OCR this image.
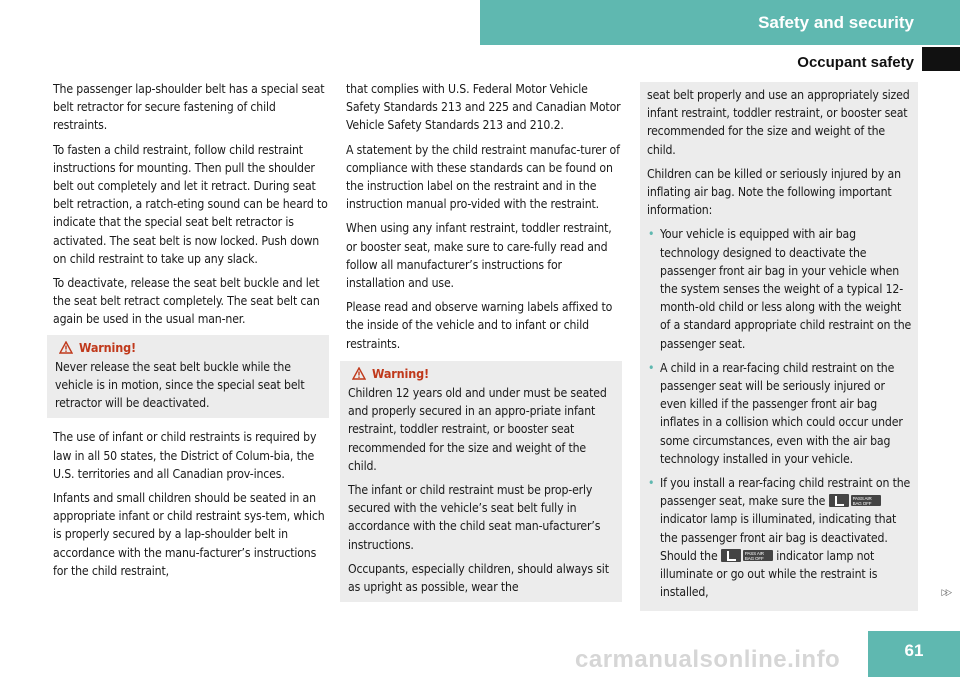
Safety and security
Occupant safety

The passenger lap-shoulder belt has a special seat belt retractor for secure fastening of child restraints.

To fasten a child restraint, follow child restraint instructions for mounting. Then pull the shoulder belt out completely and let it retract. During seat belt retraction, a ratch-eting sound can be heard to indicate that the special seat belt retractor is activated. The seat belt is now locked. Push down on child restraint to take up any slack.

To deactivate, release the seat belt buckle and let the seat belt retract completely. The seat belt can again be used in the usual man-ner.

Warning!
Never release the seat belt buckle while the vehicle is in motion, since the special seat belt retractor will be deactivated.

The use of infant or child restraints is required by law in all 50 states, the District of Colum-bia, the U.S. territories and all Canadian prov-inces.

Infants and small children should be seated in an appropriate infant or child restraint sys-tem, which is properly secured by a lap-shoulder belt in accordance with the manu-facturer’s instructions for the child restraint,

that complies with U.S. Federal Motor Vehicle Safety Standards 213 and 225 and Canadian Motor Vehicle Safety Standards 213 and 210.2.

A statement by the child restraint manufac-turer of compliance with these standards can be found on the instruction label on the restraint and in the instruction manual pro-vided with the restraint.

When using any infant restraint, toddler restraint, or booster seat, make sure to care-fully read and follow all manufacturer’s instructions for installation and use.

Please read and observe warning labels affixed to the inside of the vehicle and to infant or child restraints.

Warning!

Children 12 years old and under must be seated and properly secured in an appro-priate infant restraint, toddler restraint, or booster seat recommended for the size and weight of the child.

The infant or child restraint must be prop-erly secured with the vehicle’s seat belt fully in accordance with the child seat man-ufacturer’s instructions.

Occupants, especially children, should always sit as upright as possible, wear the

seat belt properly and use an appropriately sized infant restraint, toddler restraint, or booster seat recommended for the size and weight of the child.

Children can be killed or seriously injured by an inflating air bag. Note the following important information:

• Your vehicle is equipped with air bag technology designed to deactivate the passenger front air bag in your vehicle when the system senses the weight of a typical 12-month-old child or less along with the weight of a standard appropriate child restraint on the passenger seat.
• A child in a rear-facing child restraint on the passenger seat will be seriously injured or even killed if the passenger front air bag inflates in a collision which could occur under some circumstances, even with the air bag technology installed in your vehicle.
• If you install a rear-facing child restraint on the passenger seat, make sure the	PASS AIR BAG OFF
indicator lamp is illuminated, indicating that the passenger front air bag is deactivated. Should the	PASS AIR BAG OFF	indicator lamp not illuminate or go out while the restraint is installed,	▷▷
carmanualsonline.info	61
